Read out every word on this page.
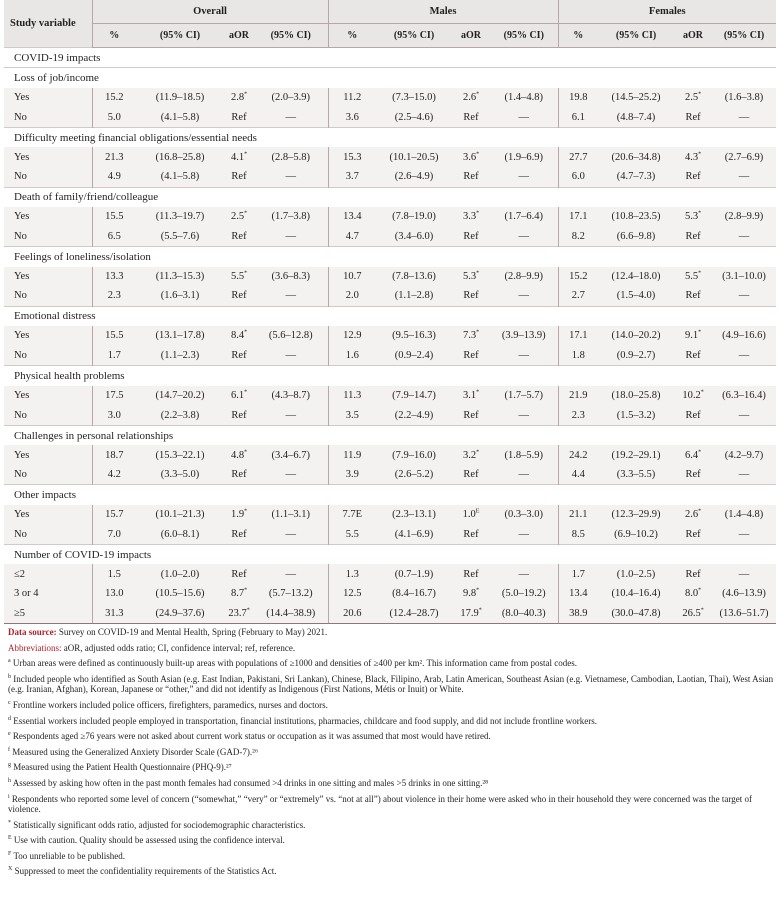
Study variable	Overall				Males				Females			
	%	(95% CI)	aOR	(95% CI)	%	(95% CI)	aOR	(95% CI)	%	(95% CI)	aOR	(95% CI)
COVID-19 impacts												
Loss of job/income												
Yes	15.2	(11.9–18.5)	2.8*	(2.0–3.9)	11.2	(7.3–15.0)	2.6*	(1.4–4.8)	19.8	(14.5–25.2)	2.5*	(1.6–3.8)
No	5.0	(4.1–5.8)	Ref	—	3.6	(2.5–4.6)	Ref	—	6.1	(4.8–7.4)	Ref	—
Difficulty meeting financial obligations/essential needs												
Yes	21.3	(16.8–25.8)	4.1*	(2.8–5.8)	15.3	(10.1–20.5)	3.6*	(1.9–6.9)	27.7	(20.6–34.8)	4.3*	(2.7–6.9)
No	4.9	(4.1–5.8)	Ref	—	3.7	(2.6–4.9)	Ref	—	6.0	(4.7–7.3)	Ref	—
Death of family/friend/colleague												
Yes	15.5	(11.3–19.7)	2.5*	(1.7–3.8)	13.4	(7.8–19.0)	3.3*	(1.7–6.4)	17.1	(10.8–23.5)	5.3*	(2.8–9.9)
No	6.5	(5.5–7.6)	Ref	—	4.7	(3.4–6.0)	Ref	—	8.2	(6.6–9.8)	Ref	—
Feelings of loneliness/isolation												
Yes	13.3	(11.3–15.3)	5.5*	(3.6–8.3)	10.7	(7.8–13.6)	5.3*	(2.8–9.9)	15.2	(12.4–18.0)	5.5*	(3.1–10.0)
No	2.3	(1.6–3.1)	Ref	—	2.0	(1.1–2.8)	Ref	—	2.7	(1.5–4.0)	Ref	—
Emotional distress												
Yes	15.5	(13.1–17.8)	8.4*	(5.6–12.8)	12.9	(9.5–16.3)	7.3*	(3.9–13.9)	17.1	(14.0–20.2)	9.1*	(4.9–16.6)
No	1.7	(1.1–2.3)	Ref	—	1.6	(0.9–2.4)	Ref	—	1.8	(0.9–2.7)	Ref	—
Physical health problems												
Yes	17.5	(14.7–20.2)	6.1*	(4.3–8.7)	11.3	(7.9–14.7)	3.1*	(1.7–5.7)	21.9	(18.0–25.8)	10.2*	(6.3–16.4)
No	3.0	(2.2–3.8)	Ref	—	3.5	(2.2–4.9)	Ref	—	2.3	(1.5–3.2)	Ref	—
Challenges in personal relationships												
Yes	18.7	(15.3–22.1)	4.8*	(3.4–6.7)	11.9	(7.9–16.0)	3.2*	(1.8–5.9)	24.2	(19.2–29.1)	6.4*	(4.2–9.7)
No	4.2	(3.3–5.0)	Ref	—	3.9	(2.6–5.2)	Ref	—	4.4	(3.3–5.5)	Ref	—
Other impacts												
Yes	15.7	(10.1–21.3)	1.9*	(1.1–3.1)	7.7E	(2.3–13.1)	$1.0^E$	(0.3–3.0)	21.1	(12.3–29.9)	2.6*	(1.4–4.8)
No	7.0	(6.0–8.1)	Ref	—	5.5	(4.1–6.9)	Ref	—	8.5	(6.9–10.2)	Ref	—
Number of COVID-19 impacts												
≤2	1.5	(1.0–2.0)	Ref	—	1.3	(0.7–1.9)	Ref	—	1.7	(1.0–2.5)	Ref	—
3 or 4	13.0	(10.5–15.6)	8.7*	(5.7–13.2)	12.5	(8.4–16.7)	9.8*	(5.0–19.2)	13.4	(10.4–16.4)	8.0*	(4.6–13.9)
≥5	31.3	(24.9–37.6)	23.7*	(14.4–38.9)	20.6	(12.4–28.7)	17.9*	(8.0–40.3)	38.9	(30.0–47.8)	26.5*	(13.6–51.7)

Data source: Survey on COVID-19 and Mental Health, Spring (February to May) 2021.

Abbreviations: aOR, adjusted odds ratio; CI, confidence interval; ref, reference.

$^a$ Urban areas were defined as continuously built-up areas with populations of ≥1000 and densities of ≥400 per km². This information came from postal codes.

$^b$ Included people who identified as South Asian (e.g. East Indian, Pakistani, Sri Lankan), Chinese, Black, Filipino, Arab, Latin American, Southeast Asian (e.g. Vietnamese, Cambodian, Laotian, Thai), West Asian (e.g. Iranian, Afghan), Korean, Japanese or “other,” and did not identify as Indigenous (First Nations, Métis or Inuit) or White.

$^c$ Frontline workers included police officers, firefighters, paramedics, nurses and doctors.

$^d$ Essential workers included people employed in transportation, financial institutions, pharmacies, childcare and food supply, and did not include frontline workers.

$^e$ Respondents aged ≥76 years were not asked about current work status or occupation as it was assumed that most would have retired.

$^f$ Measured using the Generalized Anxiety Disorder Scale (GAD-7).²⁶

$^g$ Measured using the Patient Health Questionnaire (PHQ-9).²⁷

$^h$ Assessed by asking how often in the past month females had consumed >4 drinks in one sitting and males >5 drinks in one sitting.²⁸

$^i$ Respondents who reported some level of concern (“somewhat,” “very” or “extremely” vs. “not at all”) about violence in their home were asked who in their household they were concerned was the target of violence.

* Statistically significant odds ratio, adjusted for sociodemographic characteristics.

$^E$ Use with caution. Quality should be assessed using the confidence interval.

$^F$ Too unreliable to be published.

$^X$ Suppressed to meet the confidentiality requirements of the Statistics Act.
